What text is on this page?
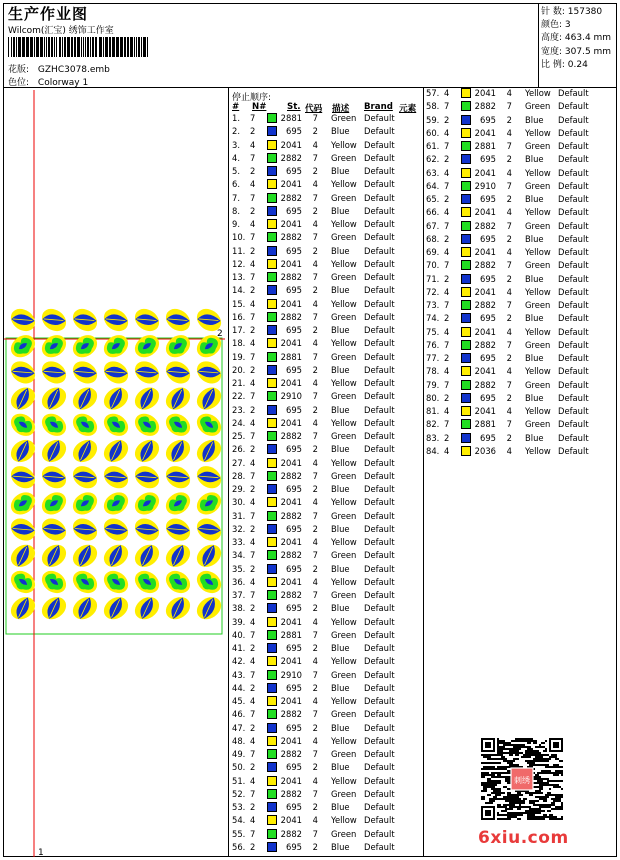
生产作业图
Wilcom(汇宝) 绣饰工作室
花版: GZHC3078.emb
色位: Colorway 1
针 数: 157380
颜色: 3
高度: 463.4 mm
宽度: 307.5 mm
比 例: 0.24
2
1
停止顺序:
# N# St. 代码 描述 Brand 元素
1. 7	2881	7 Green Default
2. 2	695	2 Blue Default
3. 4	2041	4 Yellow Default
4. 7	2882	7 Green Default
5. 2	695	2 Blue Default
6. 4	2041	4 Yellow Default
7. 7	2882	7 Green Default
8. 2	695	2 Blue Default
9. 4	2041	4 Yellow Default
10. 7	2882	7 Green Default
11. 2	695	2 Blue Default
12. 4	2041	4 Yellow Default
13. 7	2882	7 Green Default
14. 2	695	2 Blue Default
15. 4	2041	4 Yellow Default
16. 7	2882	7 Green Default
17. 2	695	2 Blue Default
18. 4	2041	4 Yellow Default
19. 7	2881	7 Green Default
20. 2	695	2 Blue Default
21. 4	2041	4 Yellow Default
22. 7	2910	7 Green Default
23. 2	695	2 Blue Default
24. 4	2041	4 Yellow Default
25. 7	2882	7 Green Default
26. 2	695	2 Blue Default
27. 4	2041	4 Yellow Default
28. 7	2882	7 Green Default
29. 2	695	2 Blue Default
30. 4	2041	4 Yellow Default
31. 7	2882	7 Green Default
32. 2	695	2 Blue Default
33. 4	2041	4 Yellow Default
34. 7	2882	7 Green Default
35. 2	695	2 Blue Default
36. 4	2041	4 Yellow Default
37. 7	2882	7 Green Default
38. 2	695	2 Blue Default
39. 4	2041	4 Yellow Default
40. 7	2881	7 Green Default
41. 2	695	2 Blue Default
42. 4	2041	4 Yellow Default
43. 7	2910	7 Green Default
44. 2	695	2 Blue Default
45. 4	2041	4 Yellow Default
46. 7	2882	7 Green Default
47. 2	695	2 Blue Default
48. 4	2041	4 Yellow Default
49. 7	2882	7 Green Default
50. 2	695	2 Blue Default
51. 4	2041	4 Yellow Default
52. 7	2882	7 Green Default
53. 2	695	2 Blue Default
54. 4	2041	4 Yellow Default
55. 7	2882	7 Green Default
56. 2	695	2 Blue Default
57. 4	2041	4 Yellow Default
58. 7	2882	7 Green Default
59. 2	695	2 Blue Default
60. 4	2041	4 Yellow Default
61. 7	2881	7 Green Default
62. 2	695	2 Blue Default
63. 4	2041	4 Yellow Default
64. 7	2910	7 Green Default
65. 2	695	2 Blue Default
66. 4	2041	4 Yellow Default
67. 7	2882	7 Green Default
68. 2	695	2 Blue Default
69. 4	2041	4 Yellow Default
70. 7	2882	7 Green Default
71. 2	695	2 Blue Default
72. 4	2041	4 Yellow Default
73. 7	2882	7 Green Default
74. 2	695	2 Blue Default
75. 4	2041	4 Yellow Default
76. 7	2882	7 Green Default
77. 2	695	2 Blue Default
78. 4	2041	4 Yellow Default
79. 7	2882	7 Green Default
80. 2	695	2 Blue Default
81. 4	2041	4 Yellow Default
82. 7	2881	7 Green Default
83. 2	695	2 Blue Default
84. 4	2036	4 Yellow Default
刺绣
6xiu.com
